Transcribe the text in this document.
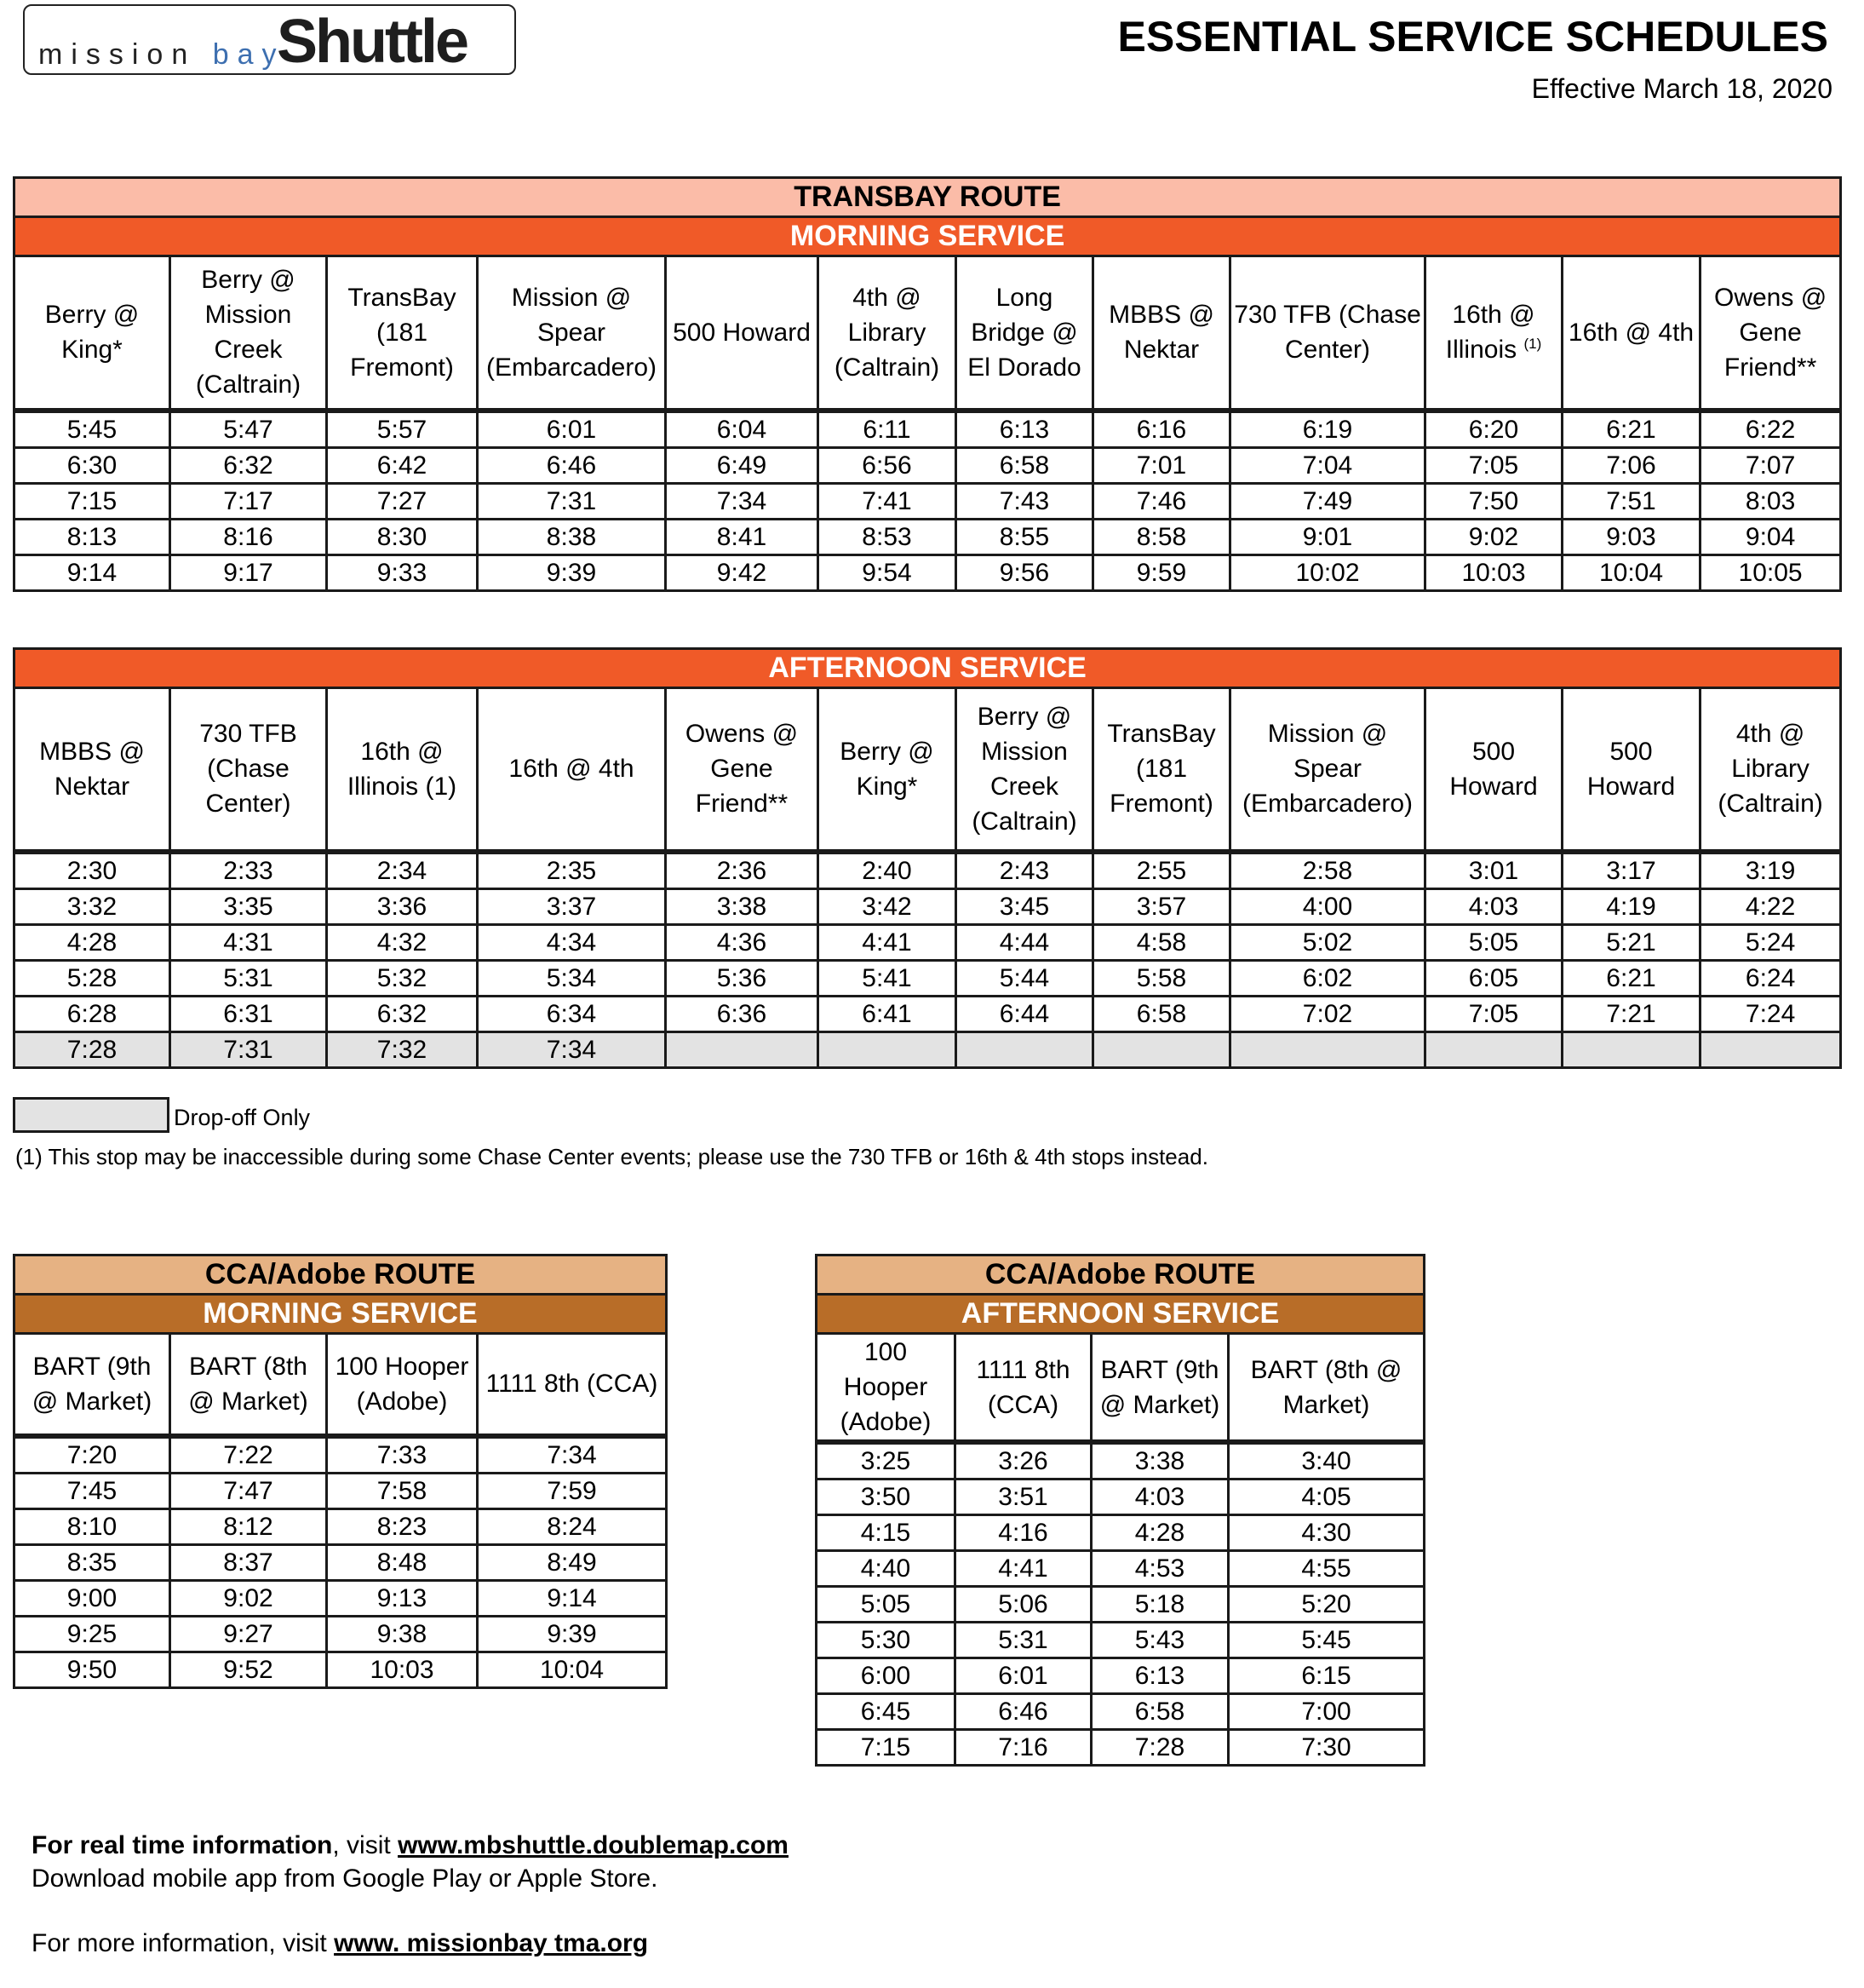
mission bay
Shuttle	ESSENTIAL SERVICE SCHEDULES
Effective March 18, 2020
TRANSBAY ROUTE											
MORNING SERVICE											
Berry @ King*	Berry @ Mission Creek (Caltrain)	TransBay (181 Fremont)	Mission @ Spear (Embarcadero)	500 Howard	4th @ Library (Caltrain)	Long Bridge @ El Dorado	MBBS @ Nektar	730 TFB (Chase Center)	16th @ Illinois $^{(1)}$	16th @ 4th	Owens @ Gene Friend**
5:45	5:47	5:57	6:01	6:04	6:11	6:13	6:16	6:19	6:20	6:21	6:22
6:30	6:32	6:42	6:46	6:49	6:56	6:58	7:01	7:04	7:05	7:06	7:07
7:15	7:17	7:27	7:31	7:34	7:41	7:43	7:46	7:49	7:50	7:51	8:03
8:13	8:16	8:30	8:38	8:41	8:53	8:55	8:58	9:01	9:02	9:03	9:04
9:14	9:17	9:33	9:39	9:42	9:54	9:56	9:59	10:02	10:03	10:04	10:05
AFTERNOON SERVICE											
MBBS @ Nektar	730 TFB (Chase Center)	16th @ Illinois (1)	16th @ 4th	Owens @ Gene Friend**	Berry @ King*	Berry @ Mission Creek (Caltrain)	TransBay (181 Fremont)	Mission @ Spear (Embarcadero)	500 Howard	500 Howard	4th @ Library (Caltrain)
2:30	2:33	2:34	2:35	2:36	2:40	2:43	2:55	2:58	3:01	3:17	3:19
3:32	3:35	3:36	3:37	3:38	3:42	3:45	3:57	4:00	4:03	4:19	4:22
4:28	4:31	4:32	4:34	4:36	4:41	4:44	4:58	5:02	5:05	5:21	5:24
5:28	5:31	5:32	5:34	5:36	5:41	5:44	5:58	6:02	6:05	6:21	6:24
6:28	6:31	6:32	6:34	6:36	6:41	6:44	6:58	7:02	7:05	7:21	7:24
7:28	7:31	7:32	7:34								
Drop-off Only
(1) This stop may be inaccessible during some Chase Center events; please use the 730 TFB or 16th & 4th stops instead.
CCA/Adobe ROUTE			
MORNING SERVICE			
BART (9th @ Market)	BART (8th @ Market)	100 Hooper (Adobe)	1111 8th (CCA)
7:20	7:22	7:33	7:34
7:45	7:47	7:58	7:59
8:10	8:12	8:23	8:24
8:35	8:37	8:48	8:49
9:00	9:02	9:13	9:14
9:25	9:27	9:38	9:39
9:50	9:52	10:03	10:04
CCA/Adobe ROUTE			
AFTERNOON SERVICE			
100 Hooper (Adobe)	1111 8th (CCA)	BART (9th @ Market)	BART (8th @ Market)
3:25	3:26	3:38	3:40
3:50	3:51	4:03	4:05
4:15	4:16	4:28	4:30
4:40	4:41	4:53	4:55
5:05	5:06	5:18	5:20
5:30	5:31	5:43	5:45
6:00	6:01	6:13	6:15
6:45	6:46	6:58	7:00
7:15	7:16	7:28	7:30
For real time information, visit www.mbshuttle.doublemap.com
Download mobile app from Google Play or Apple Store.
For more information, visit www. missionbay tma.org
